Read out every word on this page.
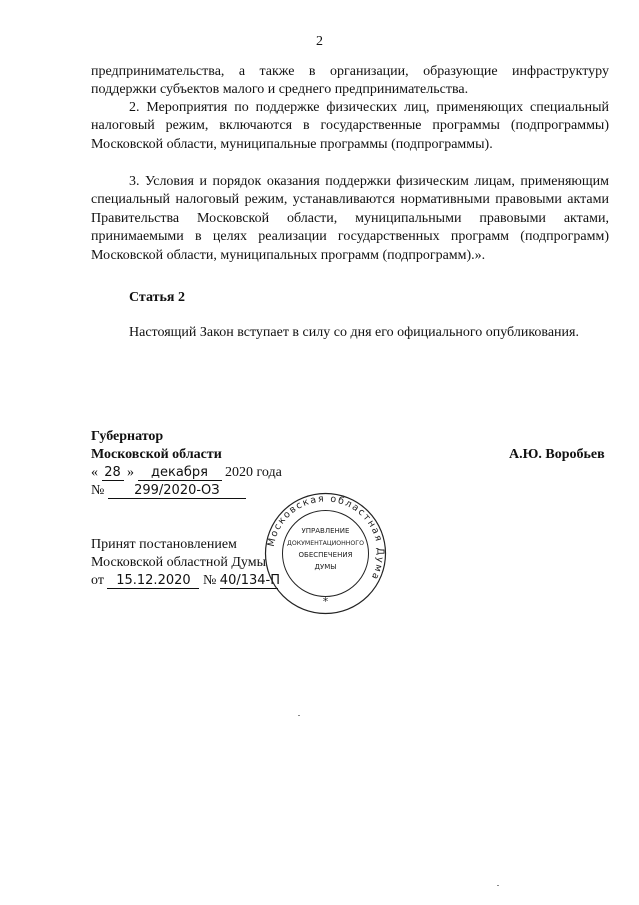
2
предпринимательства, а также в организации, образующие инфраструктуру поддержки субъектов малого и среднего предпринимательства.
2. Мероприятия по поддержке физических лиц, применяющих специальный налоговый режим, включаются в государственные программы (подпрограммы) Московской области, муниципальные программы (подпрограммы).
3. Условия и порядок оказания поддержки физическим лицам, применяющим специальный налоговый режим, устанавливаются нормативными правовыми актами Правительства Московской области, муниципальными правовыми актами, принимаемыми в целях реализации государственных программ (подпрограмм) Московской области, муниципальных программ (подпрограмм).».
Статья 2
Настоящий Закон вступает в силу со дня его официального опубликования.
Губернатор
Московской области	А.Ю. Воробьев
« 28 » декабря 2020 года
№ 299/2020-ОЗ
Принят постановлением
Московской областной Думы
от 15.12.2020 № 40/134-П
Московская областная Дума
УПРАВЛЕНИЕ
ДОКУМЕНТАЦИОННОГО
ОБЕСПЕЧЕНИЯ
ДУМЫ
*
